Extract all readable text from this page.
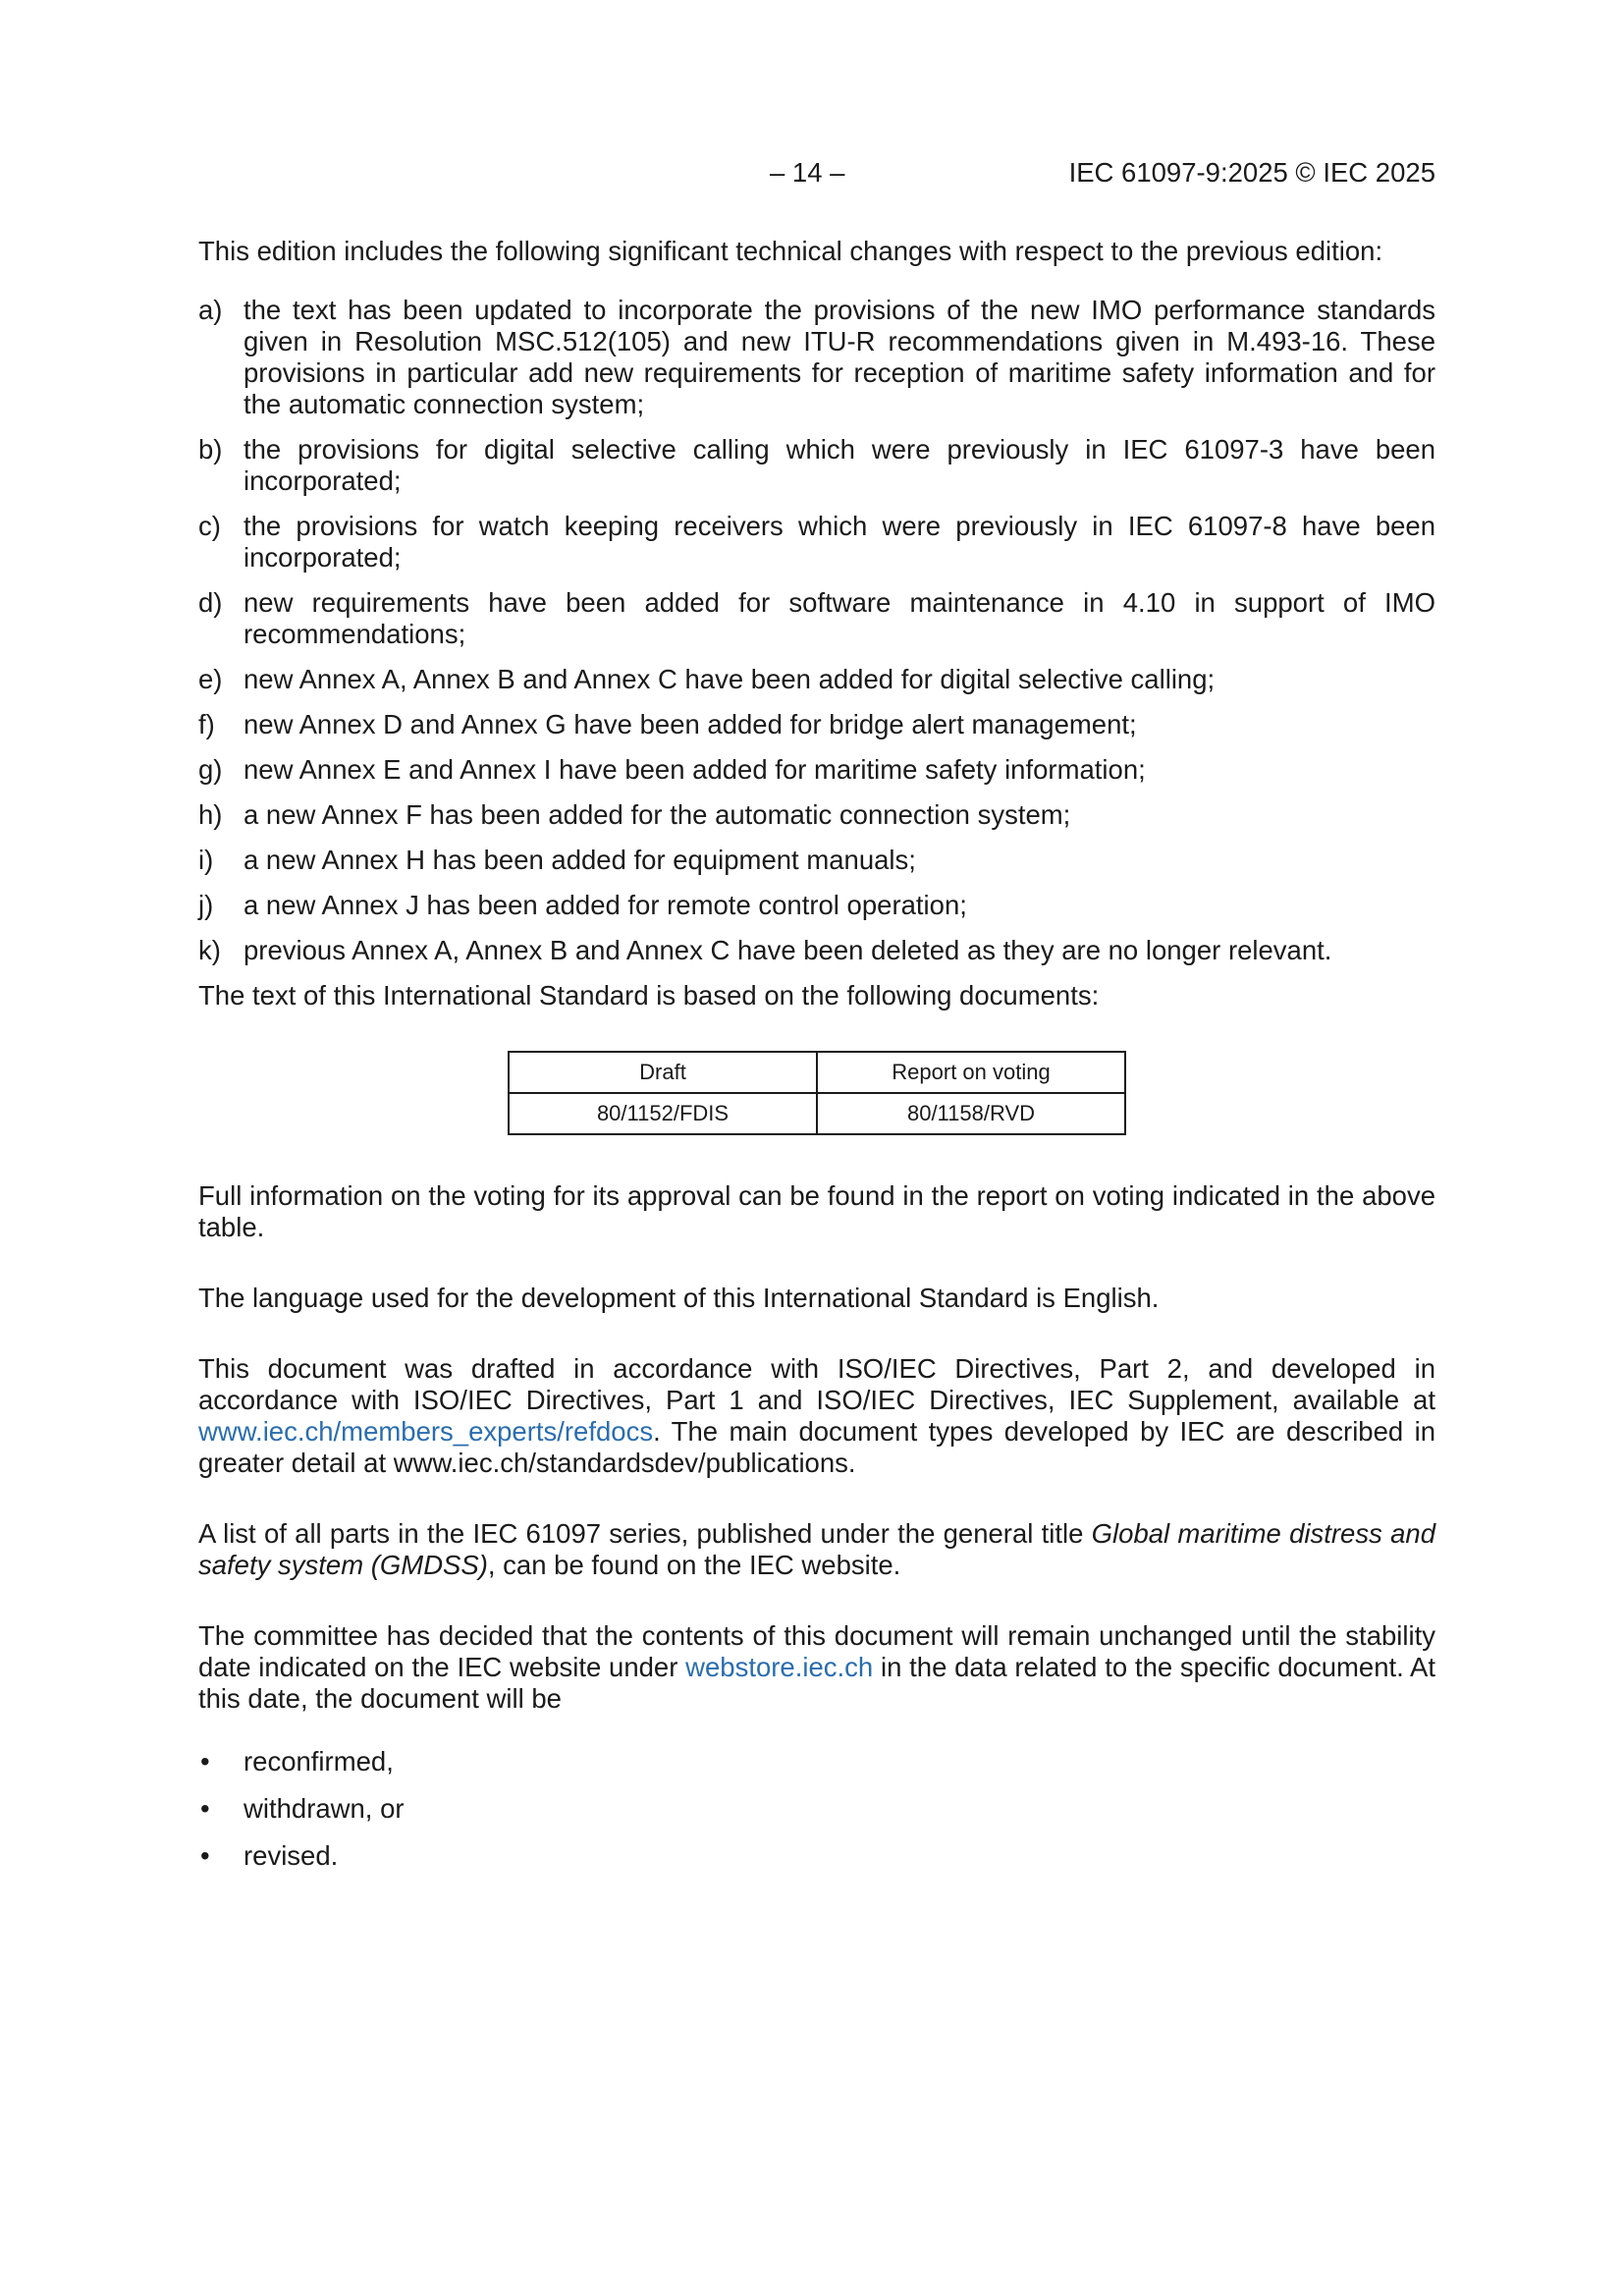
– 14 –	IEC 61097-9:2025 © IEC 2025

This edition includes the following significant technical changes with respect to the previous edition:

a) the text has been updated to incorporate the provisions of the new IMO performance standards given in Resolution MSC.512(105) and new ITU-R recommendations given in M.493-16. These provisions in particular add new requirements for reception of maritime safety information and for the automatic connection system;
b) the provisions for digital selective calling which were previously in IEC 61097-3 have been incorporated;
c) the provisions for watch keeping receivers which were previously in IEC 61097-8 have been incorporated;
d) new requirements have been added for software maintenance in 4.10 in support of IMO recommendations;
e) new Annex A, Annex B and Annex C have been added for digital selective calling;
f) new Annex D and Annex G have been added for bridge alert management;
g) new Annex E and Annex I have been added for maritime safety information;
h) a new Annex F has been added for the automatic connection system;
i) a new Annex H has been added for equipment manuals;
j) a new Annex J has been added for remote control operation;
k) previous Annex A, Annex B and Annex C have been deleted as they are no longer relevant.

The text of this International Standard is based on the following documents:

Draft	Report on voting
80/1152/FDIS	80/1158/RVD

Full information on the voting for its approval can be found in the report on voting indicated in the above table.

The language used for the development of this International Standard is English.

This document was drafted in accordance with ISO/IEC Directives, Part 2, and developed in accordance with ISO/IEC Directives, Part 1 and ISO/IEC Directives, IEC Supplement, available at www.iec.ch/members_experts/refdocs. The main document types developed by IEC are described in greater detail at www.iec.ch/standardsdev/publications.

A list of all parts in the IEC 61097 series, published under the general title Global maritime distress and safety system (GMDSS), can be found on the IEC website.

The committee has decided that the contents of this document will remain unchanged until the stability date indicated on the IEC website under webstore.iec.ch in the data related to the specific document. At this date, the document will be

• reconfirmed,
• withdrawn, or
• revised.
